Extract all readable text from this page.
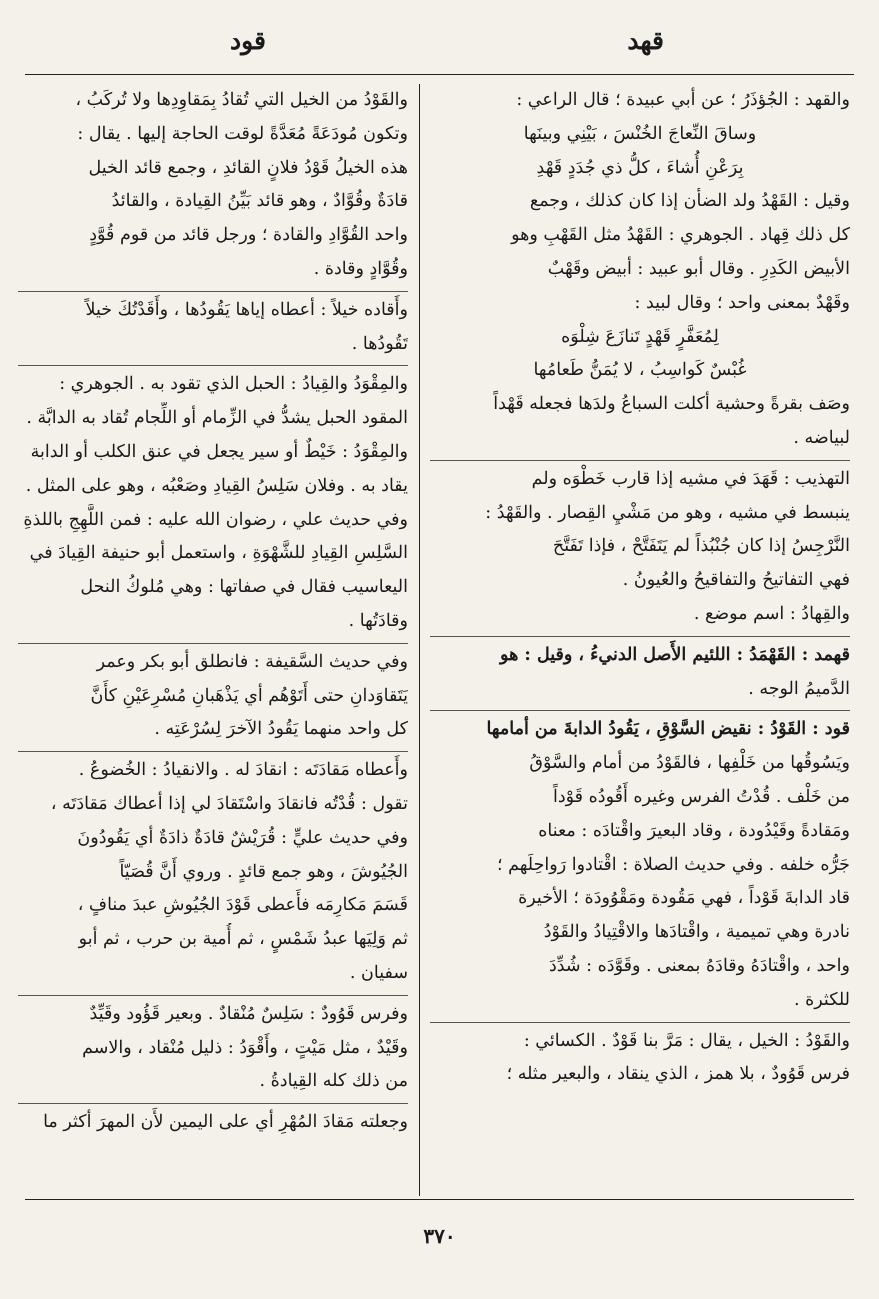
قود	قهد

والقهد : الجُؤذَرُ ؛ عن أبي عبيدة ؛ قال الراعي :
وساقَ النِّعاجَ الخُنْسَ ، بَيْنِي وبينَها
بِرَعْنِ أُشاءَ ، كلُّ ذي جُدَدٍ قَهْدِ
وقيل : القَهْدُ ولد الضأن إذا كان كذلك ، وجمع
كل ذلك قِهاد . الجوهري : القَهْدُ مثل القَهْبِ وهو
الأبيض الكَدِرِ . وقال أبو عبيد : أبيض وقَهْبٌ
وقَهْدٌ بمعنى واحد ؛ وقال لبيد :
لِمُعَفَّرٍ قَهْدٍ تَنازَعَ شِلْوَه
غُبْسٌ كَواسِبُ ، لا يُمَنُّ طَعامُها
وصَف بقرةً وحشية أكلت السباعُ ولدَها فجعله قَهْداً
لبياضه .

التهذيب : قَهَدَ في مشيه إذا قارب خَطْوَه ولم
ينبسط في مشيه ، وهو من مَشْيِ القِصار . والقَهْدُ :
النَّرْجِسُ إذا كان جُنْبُذاً لم يَتَفَتَّحْ ، فإذا تَفَتَّحَ
فهي التفاتيحُ والتفاقيحُ والعُيونُ .
والقِهادُ : اسم موضع .

قهمد : القَهْمَدُ : اللئيم الأَصل الدنيءُ ، وقيل : هو
الدَّميمُ الوجه .

قود : القَوْدُ : نقيض السَّوْقِ ، يَقُودُ الدابةَ من أمامها
ويَسُوقُها من خَلْفِها ، فالقَوْدُ من أمام والسَّوْقُ
من خَلْف . قُدْتُ الفرس وغيره أَقُودُه قَوْداً
ومَقادةً وقَيْدُودة ، وقاد البعيرَ واقْتادَه : معناه
جَرُّه خلفه . وفي حديث الصلاة : اقْتادوا رَواحِلَهم ؛
قاد الدابةَ قَوْداً ، فهي مَقُودة ومَقْوُودَة ؛ الأخيرة
نادرة وهي تميمية ، واقْتادَها والاقْتِيادُ والقَوْدُ
واحد ، واقْتادَهُ وقادَهُ بمعنى . وقَوَّدَه : شُدِّدَ
للكثرة .

والقَوْدُ : الخيل ، يقال : مَرَّ بنا قَوْدٌ . الكسائي :
فرس قَوُودٌ ، بلا همز ، الذي ينقاد ، والبعير مثله ؛

والقَوْدُ من الخيل التي تُقادُ بِمَقاوِدِها ولا تُركَبُ ،
وتكون مُودَعَةً مُعَدَّةً لوقت الحاجة إليها . يقال :
هذه الخيلُ قَوْدُ فلانٍ القائدِ ، وجمع قائد الخيل
قادَةٌ وقُوَّادٌ ، وهو قائد بَيِّنُ القِيادة ، والقائدُ
واحد القُوَّادِ والقادة ؛ ورجل قائد من قوم قُوَّدٍ
وقُوَّادٍ وقادة .

وأَقاده خيلاً : أعطاه إياها يَقُودُها ، وأَقَدْتُكَ خيلاً
تَقُودُها .

والمِقْوَدُ والقِيادُ : الحبل الذي تقود به . الجوهري :
المقود الحبل يشدُّ في الزِّمام أو اللِّجام تُقاد به الدابَّة .
والمِقْوَدُ : خَيْطٌ أو سير يجعل في عنق الكلب أو الدابة
يقاد به . وفلان سَلِسُ القِيادِ وصَعْبُه ، وهو على المثل .
وفي حديث علي ، رضوان الله عليه : فمن اللَّهِجِ باللذةِ
السَّلِسِ القِيادِ للشَّهْوَةِ ، واستعمل أبو حنيفة القِيادَ في
اليعاسيب فقال في صفاتها : وهي مُلوكُ النحل
وقادَتُها .

وفي حديث السَّقيفة : فانطلق أبو بكر وعمر
يَتَقاوَدانِ حتى أَتَوْهُم أي يَذْهَبانِ مُسْرِعَيْنِ كأَنَّ
كل واحد منهما يَقُودُ الآخرَ لِسُرْعَتِه .

وأَعطاه مَقادَتَه : انقادَ له . والانقيادُ : الخُضوعُ .
تقول : قُدْتُه فانقادَ واسْتَقادَ لي إذا أعطاك مَقادَتَه ،
وفي حديث عليٍّ : قُرَيْشٌ قادَةٌ ذادَةٌ أي يَقُودُونَ
الجُيُوشَ ، وهو جمع قائدٍ . وروي أَنَّ قُصَيّاً
قَسَمَ مَكارِمَه فأَعطى قَوْدَ الجُيُوشِ عبدَ منافٍ ،
ثم وَلِيَها عبدُ شَمْسٍ ، ثم أُمية بن حرب ، ثم أبو
سفيان .

وفرس قَوُودٌ : سَلِسٌ مُنْقادٌ . وبعير قَؤُود وقَيِّدٌ
وقَيْدٌ ، مثل مَيْتٍ ، وأَقْوَدُ : ذليل مُنْقاد ، والاسم
من ذلك كله القِيادةُ .

وجعلته مَقادَ المُهْرِ أي على اليمين لأَن المهرَ أكثر ما

٣٧٠
